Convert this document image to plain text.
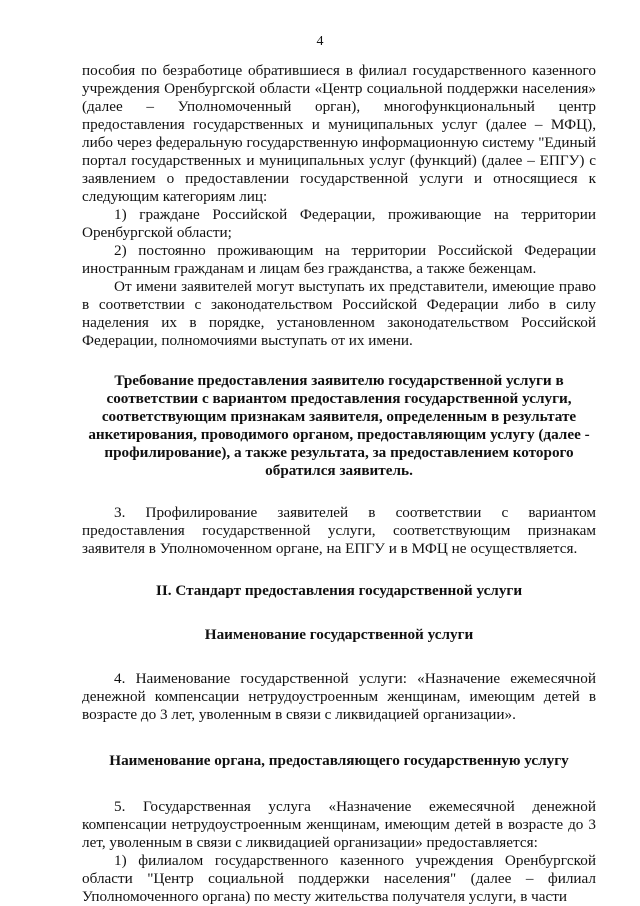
4

пособия по безработице обратившиеся в филиал государственного казенного учреждения Оренбургской области «Центр социальной поддержки населения» (далее – Уполномоченный орган), многофункциональный центр предоставления государственных и муниципальных услуг (далее – МФЦ), либо через федеральную государственную информационную систему "Единый портал государственных и муниципальных услуг (функций) (далее – ЕПГУ) с заявлением о предоставлении государственной услуги и относящиеся к следующим категориям лиц:

1) граждане Российской Федерации, проживающие на территории Оренбургской области;

2) постоянно проживающим на территории Российской Федерации иностранным гражданам и лицам без гражданства, а также беженцам.

От имени заявителей могут выступать их представители, имеющие право в соответствии с законодательством Российской Федерации либо в силу наделения их в порядке, установленном законодательством Российской Федерации, полномочиями выступать от их имени.

Требование предоставления заявителю государственной услуги в соответствии с вариантом предоставления государственной услуги, соответствующим признакам заявителя, определенным в результате анкетирования, проводимого органом, предоставляющим услугу (далее - профилирование), а также результата, за предоставлением которого обратился заявитель.

3. Профилирование заявителей в соответствии с вариантом предоставления государственной услуги, соответствующим признакам заявителя в Уполномоченном органе, на ЕПГУ и в МФЦ не осуществляется.

II. Стандарт предоставления государственной услуги

Наименование государственной услуги

4. Наименование государственной услуги: «Назначение ежемесячной денежной компенсации нетрудоустроенным женщинам, имеющим детей в возрасте до 3 лет, уволенным в связи с ликвидацией организации».

Наименование органа, предоставляющего государственную услугу

5. Государственная услуга «Назначение ежемесячной денежной компенсации нетрудоустроенным женщинам, имеющим детей в возрасте до 3 лет, уволенным в связи с ликвидацией организации» предоставляется:

1) филиалом государственного казенного учреждения Оренбургской области "Центр социальной поддержки населения" (далее – филиал Уполномоченного органа) по месту жительства получателя услуги, в части
